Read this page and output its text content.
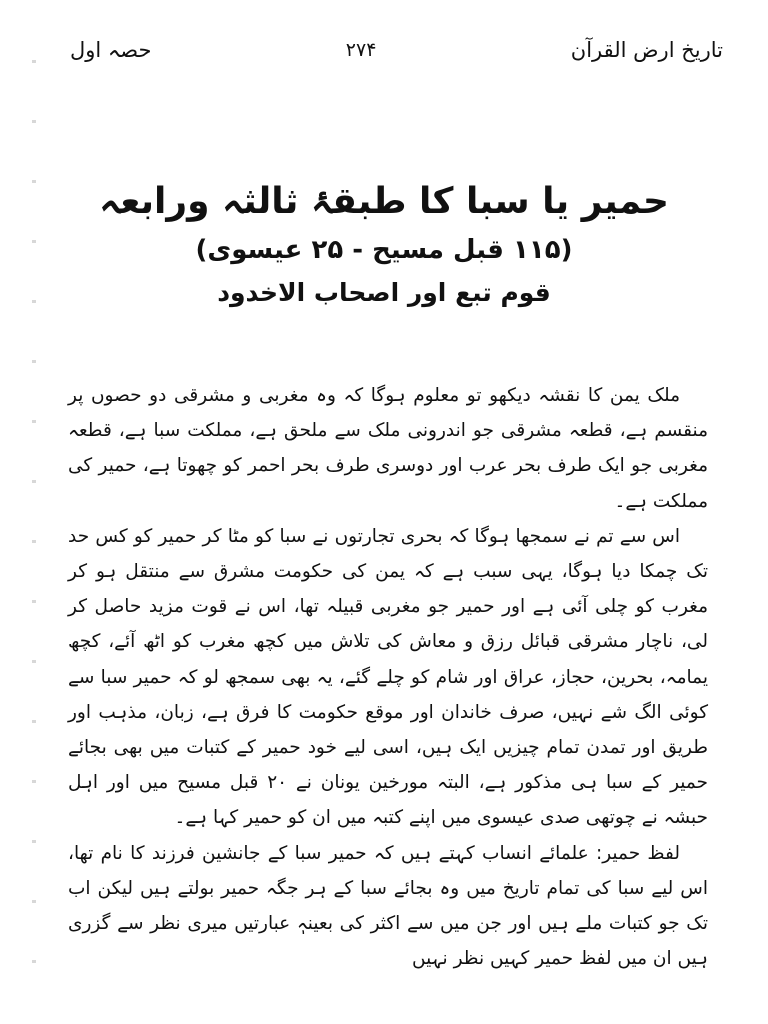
تاریخ ارض القرآن
۲۷۴
حصہ اول

حمیر یا سبا کا طبقۂ ثالثہ ورابعہ

(۱۱۵ قبل مسیح - ۲۵ عیسوی)

قوم تبع اور اصحاب الاخدود

ملک یمن کا نقشہ دیکھو تو معلوم ہوگا کہ وہ مغربی و مشرقی دو حصوں پر منقسم ہے، قطعہ مشرقی جو اندرونی ملک سے ملحق ہے، مملکت سبا ہے، قطعہ مغربی جو ایک طرف بحر عرب اور دوسری طرف بحر احمر کو چھوتا ہے، حمیر کی مملکت ہے۔

اس سے تم نے سمجھا ہوگا کہ بحری تجارتوں نے سبا کو مٹا کر حمیر کو کس حد تک چمکا دیا ہوگا، یہی سبب ہے کہ یمن کی حکومت مشرق سے منتقل ہو کر مغرب کو چلی آئی ہے اور حمیر جو مغربی قبیلہ تھا، اس نے قوت مزید حاصل کر لی، ناچار مشرقی قبائل رزق و معاش کی تلاش میں کچھ مغرب کو اٹھ آئے، کچھ یمامہ، بحرین، حجاز، عراق اور شام کو چلے گئے، یہ بھی سمجھ لو کہ حمیر سبا سے کوئی الگ شے نہیں، صرف خاندان اور موقع حکومت کا فرق ہے، زبان، مذہب اور طریق اور تمدن تمام چیزیں ایک ہیں، اسی لیے خود حمیر کے کتبات میں بھی بجائے حمیر کے سبا ہی مذکور ہے، البتہ مورخین یونان نے ۲۰ قبل مسیح میں اور اہل حبشہ نے چوتھی صدی عیسوی میں اپنے کتبہ میں ان کو حمیر کہا ہے۔

لفظ حمیر: علمائے انساب کہتے ہیں کہ حمیر سبا کے جانشین فرزند کا نام تھا، اس لیے سبا کی تمام تاریخ میں وہ بجائے سبا کے ہر جگہ حمیر بولتے ہیں لیکن اب تک جو کتبات ملے ہیں اور جن میں سے اکثر کی بعینہٖ عبارتیں میری نظر سے گزری ہیں ان میں لفظ حمیر کہیں نظر نہیں
